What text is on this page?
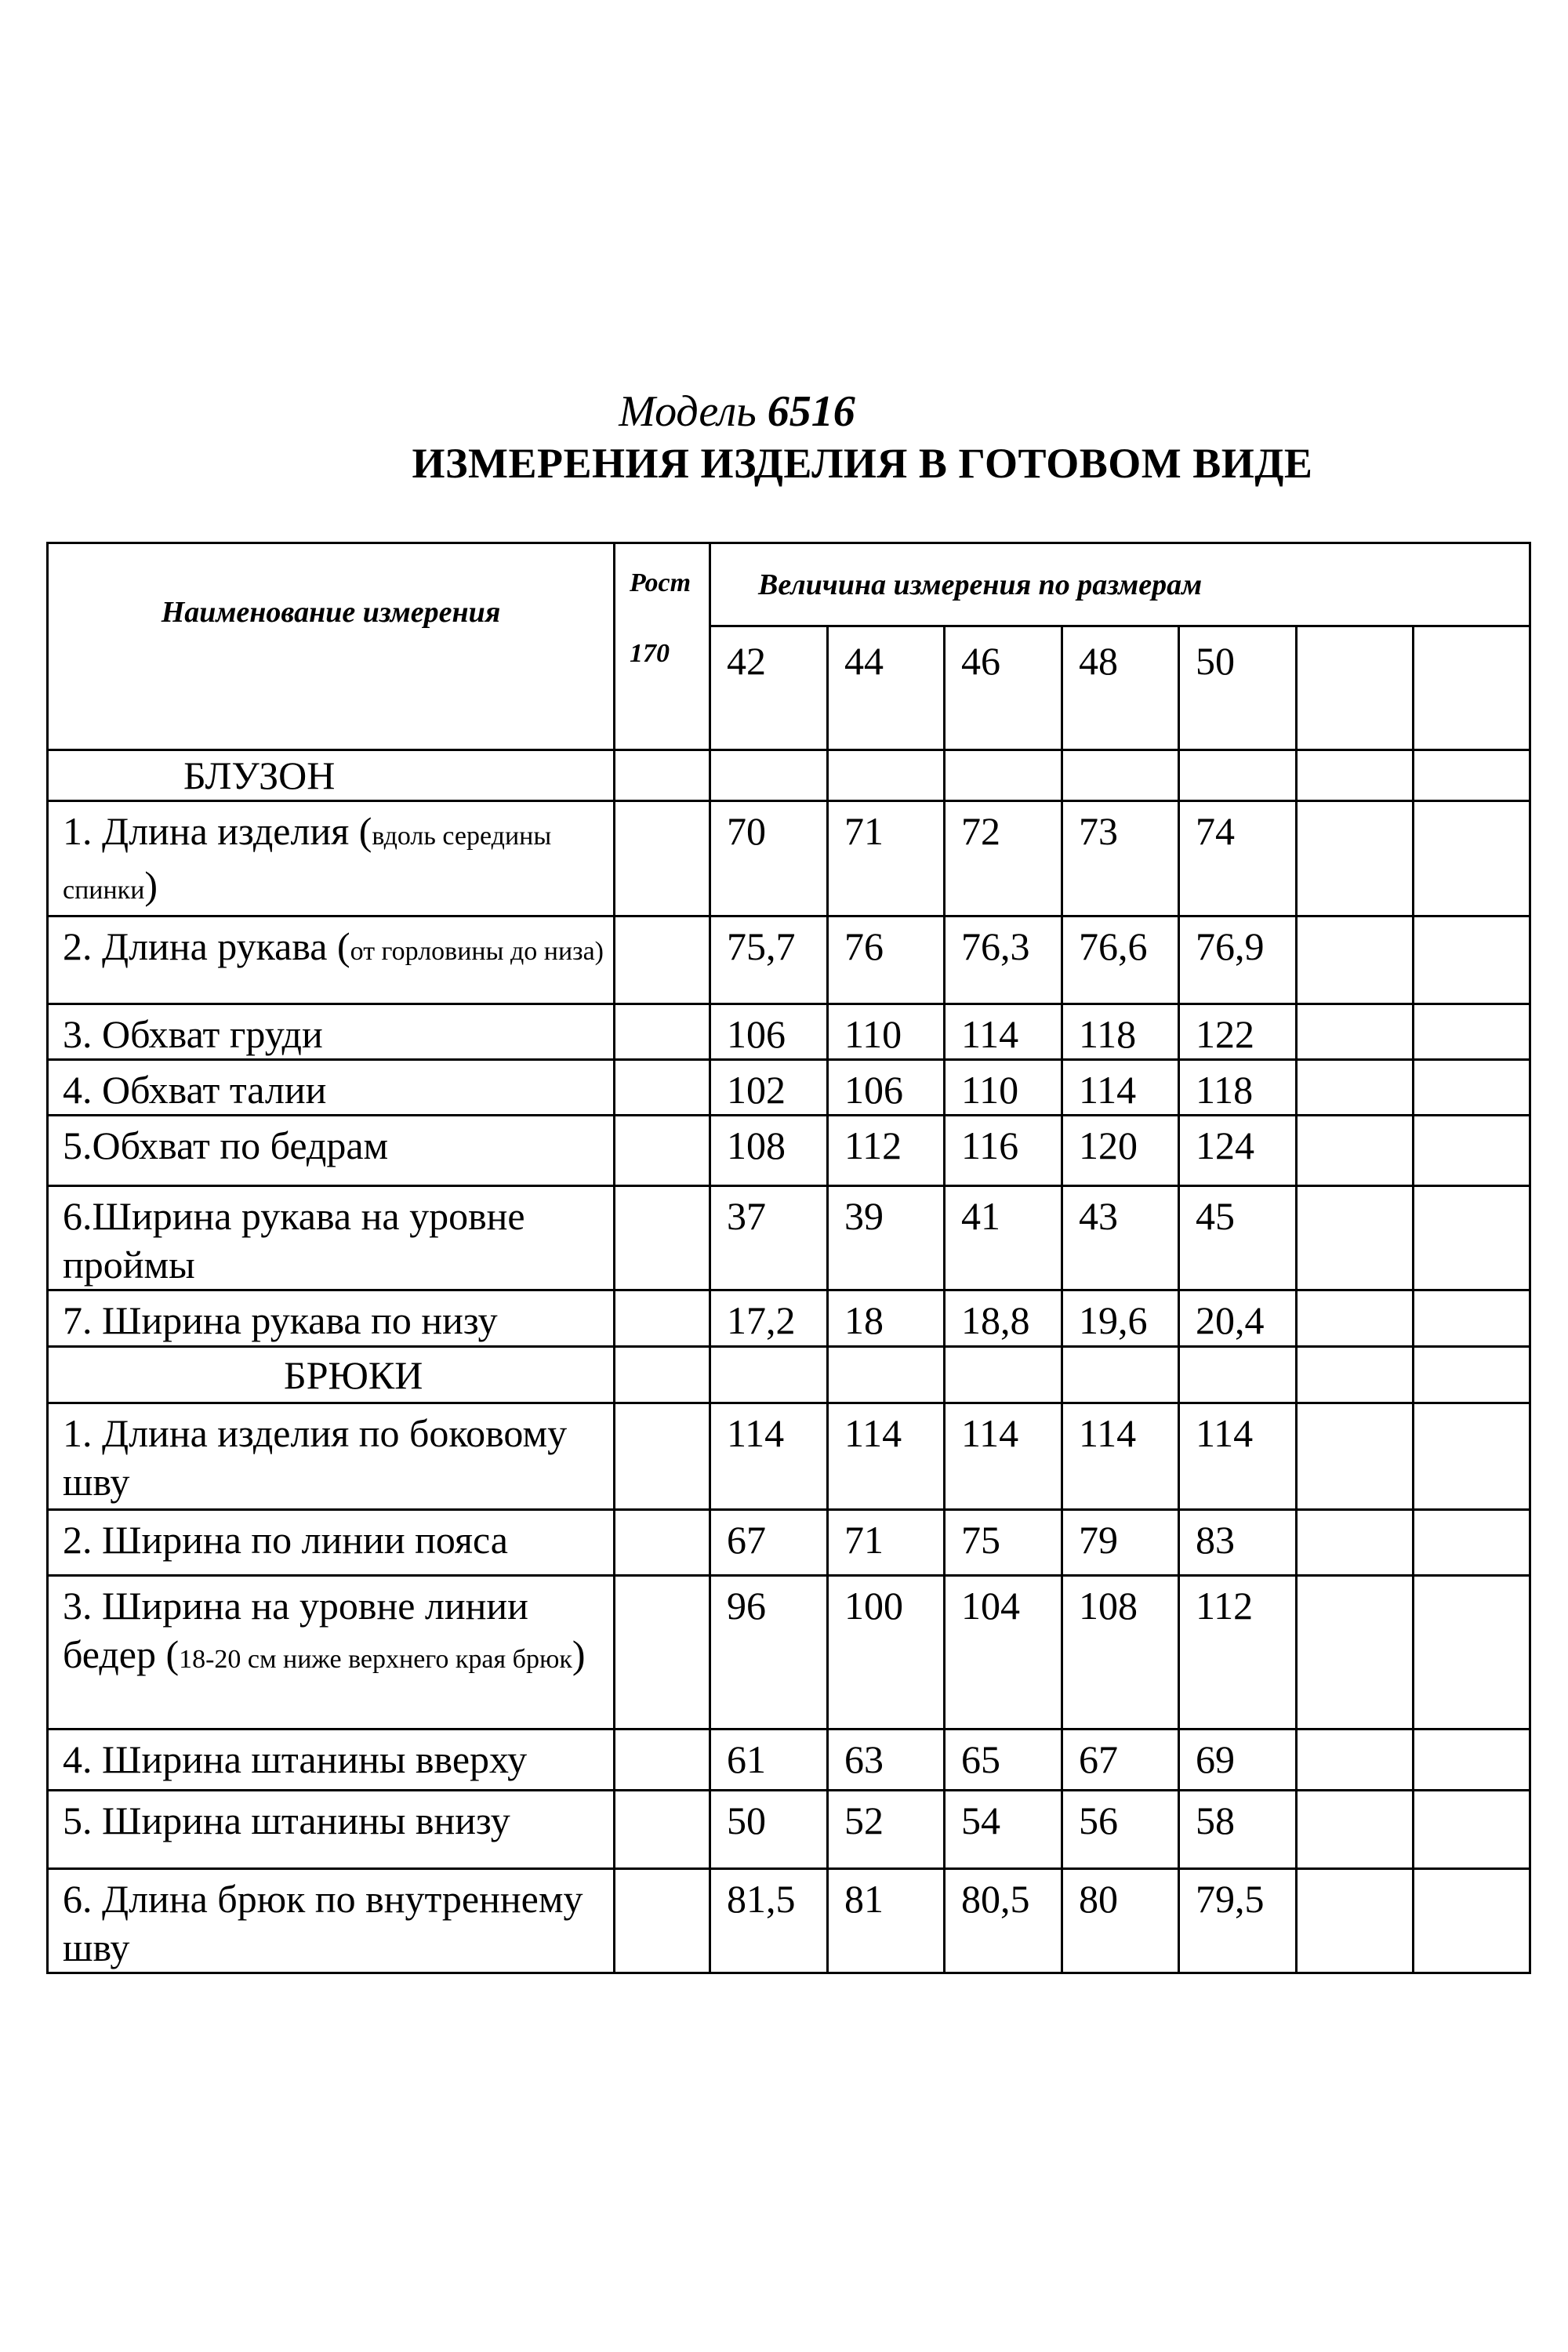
Модель 6516
ИЗМЕРЕНИЯ ИЗДЕЛИЯ В ГОТОВОМ ВИДЕ
Наименование измерения	Рост
170	Величина измерения по размерам						
		42	44	46	48	50		
БЛУЗОН								
1. Длина изделия (вдоль середины спинки)		70	71	72	73	74		
2. Длина рукава (от горловины до низа)		75,7	76	76,3	76,6	76,9		
3. Обхват груди		106	110	114	118	122		
4. Обхват талии		102	106	110	114	118		
5.Обхват по бедрам		108	112	116	120	124		
6.Ширина рукава на уровне проймы		37	39	41	43	45		
7. Ширина рукава по низу		17,2	18	18,8	19,6	20,4		
БРЮКИ								
1. Длина изделия по боковому шву		114	114	114	114	114		
2. Ширина по линии пояса		67	71	75	79	83		
3. Ширина на уровне линии бедер (18-20 см ниже верхнего края брюк)		96	100	104	108	112		
4. Ширина штанины вверху		61	63	65	67	69		
5. Ширина штанины внизу		50	52	54	56	58		
6. Длина брюк по внутреннему шву		81,5	81	80,5	80	79,5		
